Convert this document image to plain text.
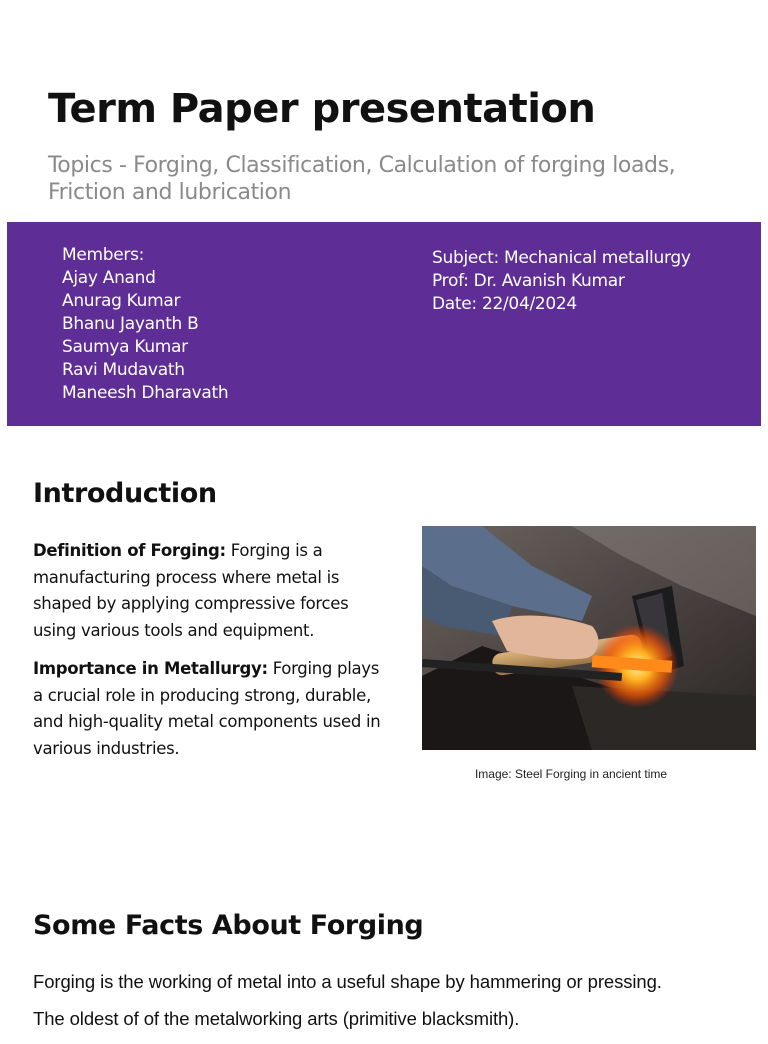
Term Paper presentation

Topics - Forging, Classification, Calculation of forging loads, Friction and lubrication

Members:
Ajay Anand
Anurag Kumar
Bhanu Jayanth B
Saumya Kumar
Ravi Mudavath
Maneesh Dharavath
Subject: Mechanical metallurgy
Prof: Dr. Avanish Kumar
Date: 22/04/2024
Introduction

Definition of Forging: Forging is a manufacturing process where metal is shaped by applying compressive forces using various tools and equipment.

Importance in Metallurgy: Forging plays a crucial role in producing strong, durable, and high-quality metal components used in various industries.

Image: Steel Forging in ancient time
Some Facts About Forging

Forging is the working of metal into a useful shape by hammering or pressing.

The oldest of of the metalworking arts (primitive blacksmith).
